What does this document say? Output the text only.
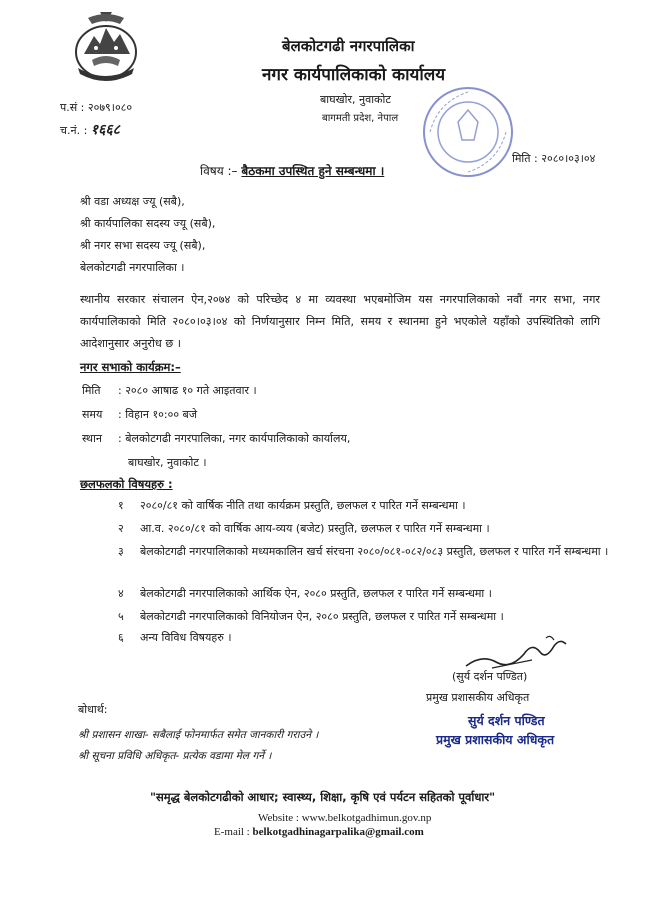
बेलकोटगढी नगरपालिका
नगर कार्यपालिकाको कार्यालय
बाघखोर, नुवाकोट
बागमती प्रदेश, नेपाल
प.सं : २०७९।०८०
च.नं. : १६६८
मिति : २०८०।०३।०४
विषय :– बैठकमा उपस्थित हुने सम्बन्धमा ।
श्री वडा अध्यक्ष ज्यू (सबै),
श्री कार्यपालिका सदस्य ज्यू (सबै),
श्री नगर सभा सदस्य ज्यू (सबै),
बेलकोटगढी नगरपालिका ।
स्थानीय सरकार संचालन ऐन,२०७४ को परिच्छेद ४ मा व्यवस्था भएबमोजिम यस नगरपालिकाको नवौं नगर सभा, नगर कार्यपालिकाको मिति २०८०।०३।०४ को निर्णयानुसार निम्न मिति, समय र स्थानमा हुने भएकोले यहाँको उपस्थितिको लागि आदेशानुसार अनुरोध छ ।
नगर सभाको कार्यक्रम:–
मिति : २०८० आषाढ १० गते आइतवार ।
समय : विहान १०:०० बजे
स्थान : बेलकोटगढी नगरपालिका, नगर कार्यपालिकाको कार्यालय,
बाघखोर, नुवाकोट ।
छलफलको विषयहरु :
१ २०८०/८१ को वार्षिक नीति तथा कार्यक्रम प्रस्तुति, छलफल र पारित गर्ने सम्बन्धमा ।
२ आ.व. २०८०/८१ को वार्षिक आय-व्यय (बजेट) प्रस्तुति, छलफल र पारित गर्ने सम्बन्धमा ।
३ बेलकोटगढी नगरपालिकाको मध्यमकालिन खर्च संरचना २०८०/०८१-०८२/०८३ प्रस्तुति, छलफल र पारित गर्ने सम्बन्धमा ।
४ बेलकोटगढी नगरपालिकाको आर्थिक ऐन, २०८० प्रस्तुति, छलफल र पारित गर्ने सम्बन्धमा ।
५ बेलकोटगढी नगरपालिकाको विनियोजन ऐन, २०८० प्रस्तुति, छलफल र पारित गर्ने सम्बन्धमा ।
६ अन्य विविध विषयहरु ।
(सुर्य दर्शन पण्डित)
प्रमुख प्रशासकीय अधिकृत
सुर्य दर्शन पण्डित
प्रमुख प्रशासकीय अधिकृत
बोधार्थ:
श्री प्रशासन शाखा- सबैलाई फोनमार्फत समेत जानकारी गराउने ।
श्री सूचना प्रविधि अधिकृत- प्रत्येक वडामा मेल गर्ने ।
"समृद्ध बेलकोटगढीको आधार; स्वास्थ्य, शिक्षा, कृषि एवं पर्यटन सहितको पूर्वाधार"
Website : www.belkotgadhimun.gov.np
E-mail : belkotgadhinagarpalika@gmail.com
